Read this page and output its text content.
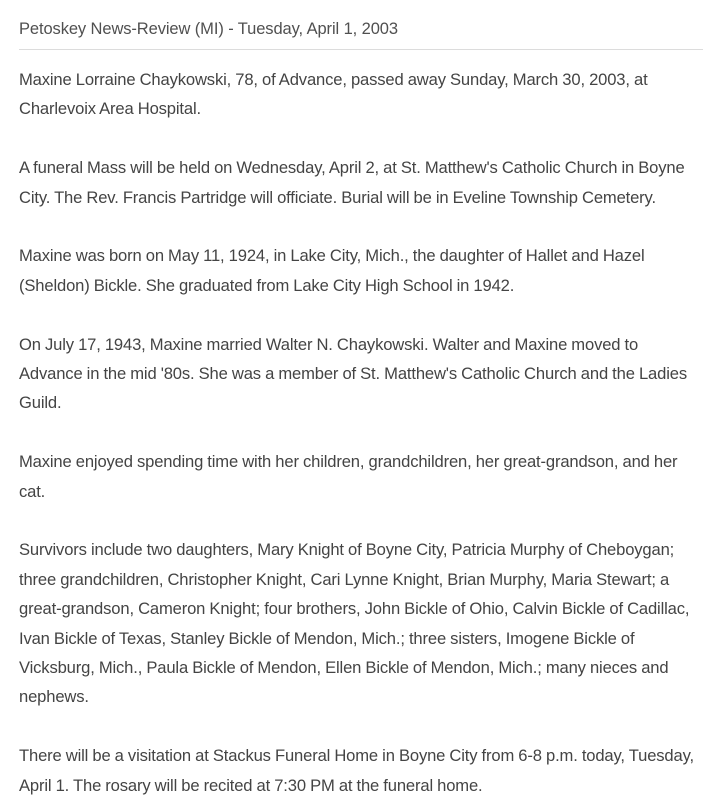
Petoskey News-Review (MI) - Tuesday, April 1, 2003

Maxine Lorraine Chaykowski, 78, of Advance, passed away Sunday, March 30, 2003, at Charlevoix Area Hospital.

A funeral Mass will be held on Wednesday, April 2, at St. Matthew's Catholic Church in Boyne City. The Rev. Francis Partridge will officiate. Burial will be in Eveline Township Cemetery.

Maxine was born on May 11, 1924, in Lake City, Mich., the daughter of Hallet and Hazel (Sheldon) Bickle. She graduated from Lake City High School in 1942.

On July 17, 1943, Maxine married Walter N. Chaykowski. Walter and Maxine moved to Advance in the mid '80s. She was a member of St. Matthew's Catholic Church and the Ladies Guild.

Maxine enjoyed spending time with her children, grandchildren, her great-grandson, and her cat.

Survivors include two daughters, Mary Knight of Boyne City, Patricia Murphy of Cheboygan; three grandchildren, Christopher Knight, Cari Lynne Knight, Brian Murphy, Maria Stewart; a great-grandson, Cameron Knight; four brothers, John Bickle of Ohio, Calvin Bickle of Cadillac, Ivan Bickle of Texas, Stanley Bickle of Mendon, Mich.; three sisters, Imogene Bickle of Vicksburg, Mich., Paula Bickle of Mendon, Ellen Bickle of Mendon, Mich.; many nieces and nephews.

There will be a visitation at Stackus Funeral Home in Boyne City from 6-8 p.m. today, Tuesday, April 1. The rosary will be recited at 7:30 PM at the funeral home.
